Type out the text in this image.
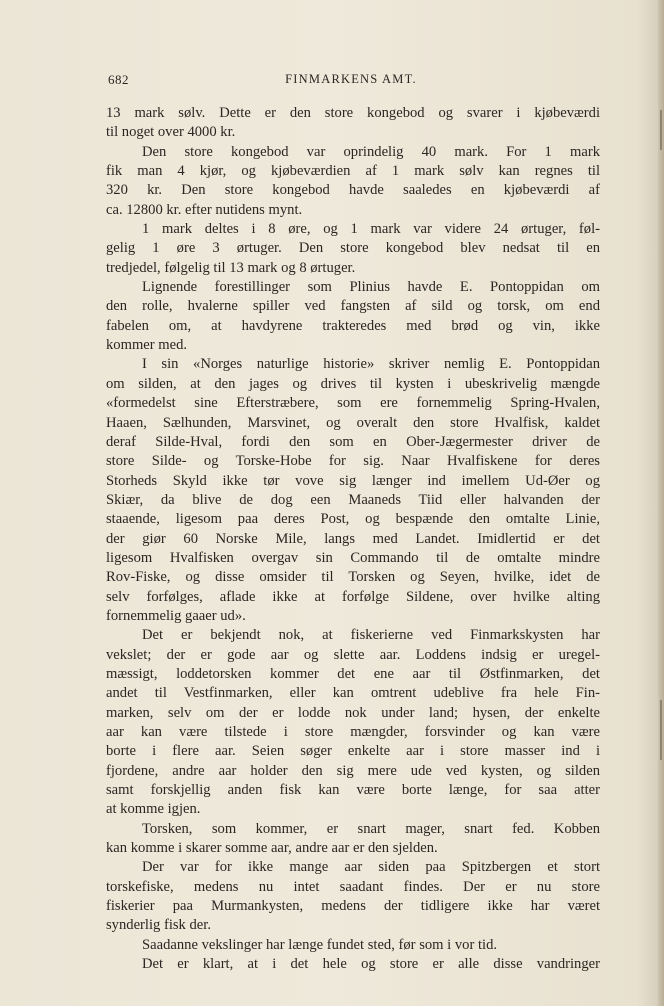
682	FINMARKENS AMT.
13 mark sølv. Dette er den store kongebod og svarer i kjøbeværdi
til noget over 4000 kr.
Den store kongebod var oprindelig 40 mark. For 1 mark
fik man 4 kjør, og kjøbeværdien af 1 mark sølv kan regnes til
320 kr. Den store kongebod havde saaledes en kjøbeværdi af
ca. 12800 kr. efter nutidens mynt.
1 mark deltes i 8 øre, og 1 mark var videre 24 ørtuger, føl-
gelig 1 øre 3 ørtuger. Den store kongebod blev nedsat til en
tredjedel, følgelig til 13 mark og 8 ørtuger.
Lignende forestillinger som Plinius havde E. Pontoppidan om
den rolle, hvalerne spiller ved fangsten af sild og torsk, om end
fabelen om, at havdyrene trakteredes med brød og vin, ikke
kommer med.
I sin «Norges naturlige historie» skriver nemlig E. Pontoppidan
om silden, at den jages og drives til kysten i ubeskrivelig mængde
«formedelst sine Efterstræbere, som ere fornemmelig Spring-Hvalen,
Haaen, Sælhunden, Marsvinet, og overalt den store Hvalfisk, kaldet
deraf Silde-Hval, fordi den som en Ober-Jægermester driver de
store Silde- og Torske-Hobe for sig. Naar Hvalfiskene for deres
Storheds Skyld ikke tør vove sig længer ind imellem Ud-Øer og
Skiær, da blive de dog een Maaneds Tiid eller halvanden der
staaende, ligesom paa deres Post, og bespænde den omtalte Linie,
der giør 60 Norske Mile, langs med Landet. Imidlertid er det
ligesom Hvalfisken overgav sin Commando til de omtalte mindre
Rov-Fiske, og disse omsider til Torsken og Seyen, hvilke, idet de
selv forfølges, aflade ikke at forfølge Sildene, over hvilke alting
fornemmelig gaaer ud».
Det er bekjendt nok, at fiskerierne ved Finmarkskysten har
vekslet; der er gode aar og slette aar. Loddens indsig er uregel-
mæssigt, loddetorsken kommer det ene aar til Østfinmarken, det
andet til Vestfinmarken, eller kan omtrent udeblive fra hele Fin-
marken, selv om der er lodde nok under land; hysen, der enkelte
aar kan være tilstede i store mængder, forsvinder og kan være
borte i flere aar. Seien søger enkelte aar i store masser ind i
fjordene, andre aar holder den sig mere ude ved kysten, og silden
samt forskjellig anden fisk kan være borte længe, for saa atter
at komme igjen.
Torsken, som kommer, er snart mager, snart fed. Kobben
kan komme i skarer somme aar, andre aar er den sjelden.
Der var for ikke mange aar siden paa Spitzbergen et stort
torskefiske, medens nu intet saadant findes. Der er nu store
fiskerier paa Murmankysten, medens der tidligere ikke har været
synderlig fisk der.
Saadanne vekslinger har længe fundet sted, før som i vor tid.
Det er klart, at i det hele og store er alle disse vandringer
